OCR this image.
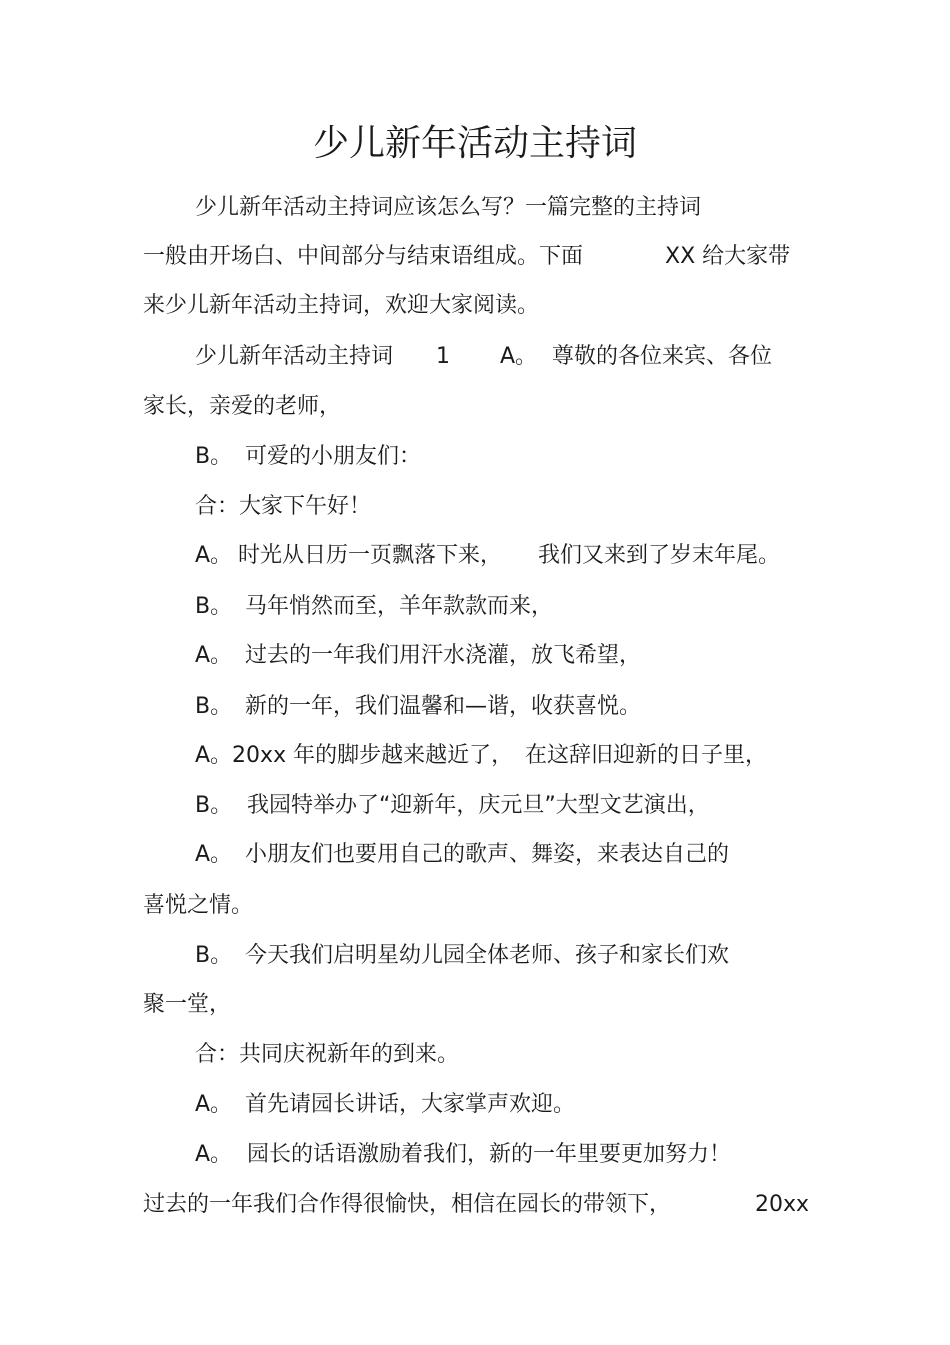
少儿新年活动主持词
少儿新年活动主持词应该怎么写？一篇完整的主持词
一般由开场白、中间部分与结束语组成。下面	XX 给大家带
来少儿新年活动主持词，欢迎大家阅读。
少儿新年活动主持词 1 A。 尊敬的各位来宾、各位
家长，亲爱的老师，
B。 可爱的小朋友们：
合：大家下午好！
A。 时光从日历一页飘落下来， 我们又来到了岁末年尾。
B。 马年悄然而至，羊年款款而来，
A。 过去的一年我们用汗水浇灌，放飞希望，
B。 新的一年，我们温馨和—谐，收获喜悦。
A。20xx 年的脚步越来越近了， 在这辞旧迎新的日子里，
B。 我园特举办了“迎新年，庆元旦”大型文艺演出，
A。 小朋友们也要用自己的歌声、舞姿，来表达自己的
喜悦之情。
B。 今天我们启明星幼儿园全体老师、孩子和家长们欢
聚一堂，
合：共同庆祝新年的到来。
A。 首先请园长讲话，大家掌声欢迎。
A。 园长的话语激励着我们，新的一年里要更加努力！
过去的一年我们合作得很愉快，相信在园长的带领下，	20xx
